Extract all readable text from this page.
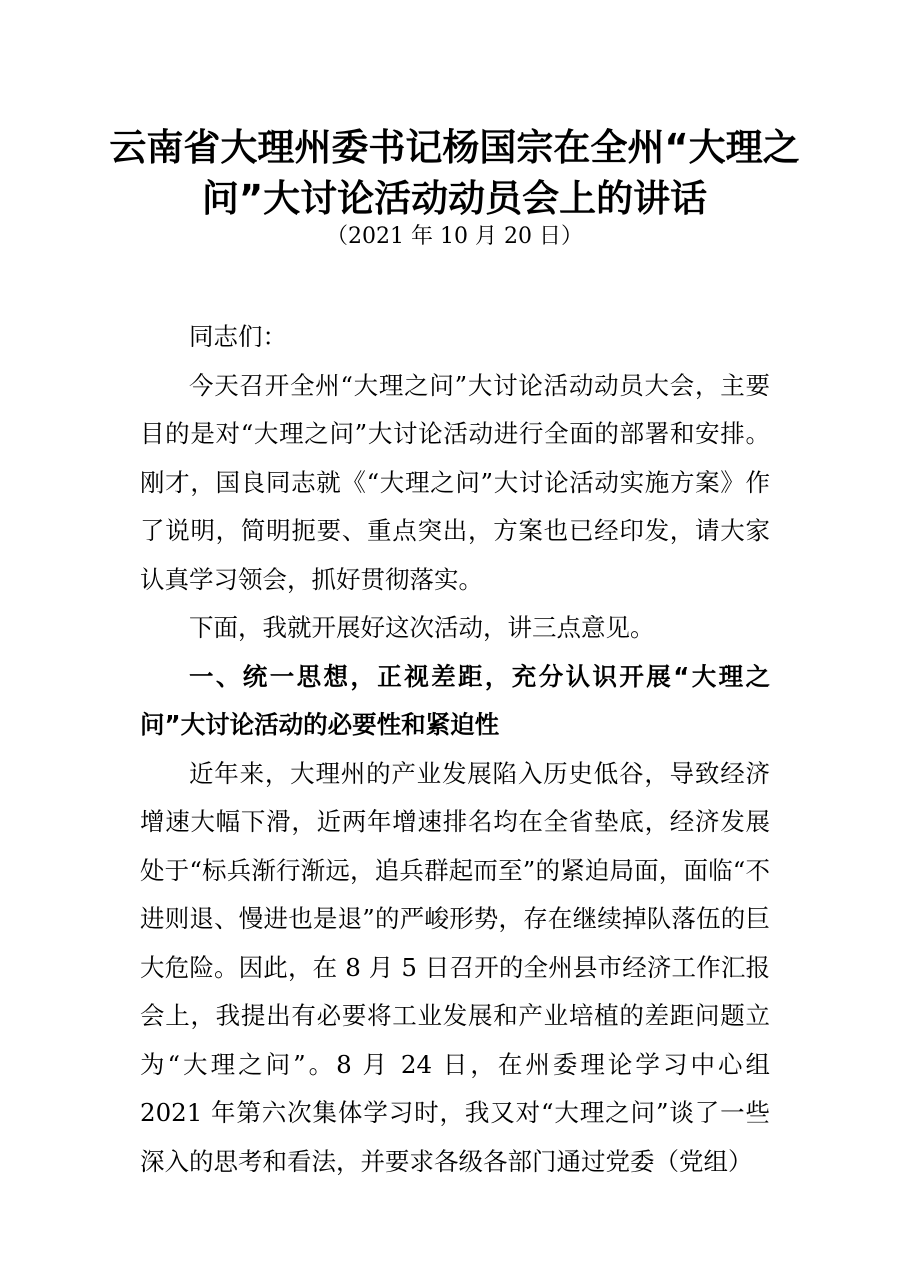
云南省大理州委书记杨国宗在全州“大理之问”大讨论活动动员会上的讲话
（2021 年 10 月 20 日）

同志们：

今天召开全州“大理之问”大讨论活动动员大会，主要目的是对“大理之问”大讨论活动进行全面的部署和安排。刚才，国良同志就《“大理之问”大讨论活动实施方案》作了说明，简明扼要、重点突出，方案也已经印发，请大家认真学习领会，抓好贯彻落实。

下面，我就开展好这次活动，讲三点意见。

一、统一思想，正视差距，充分认识开展“大理之问”大讨论活动的必要性和紧迫性

近年来，大理州的产业发展陷入历史低谷，导致经济增速大幅下滑，近两年增速排名均在全省垫底，经济发展处于“标兵渐行渐远，追兵群起而至”的紧迫局面，面临“不进则退、慢进也是退”的严峻形势，存在继续掉队落伍的巨大危险。因此，在 8 月 5 日召开的全州县市经济工作汇报会上，我提出有必要将工业发展和产业培植的差距问题立为“大理之问”。8 月 24 日，在州委理论学习中心组 2021 年第六次集体学习时，我又对“大理之问”谈了一些深入的思考和看法，并要求各级各部门通过党委（党组）
